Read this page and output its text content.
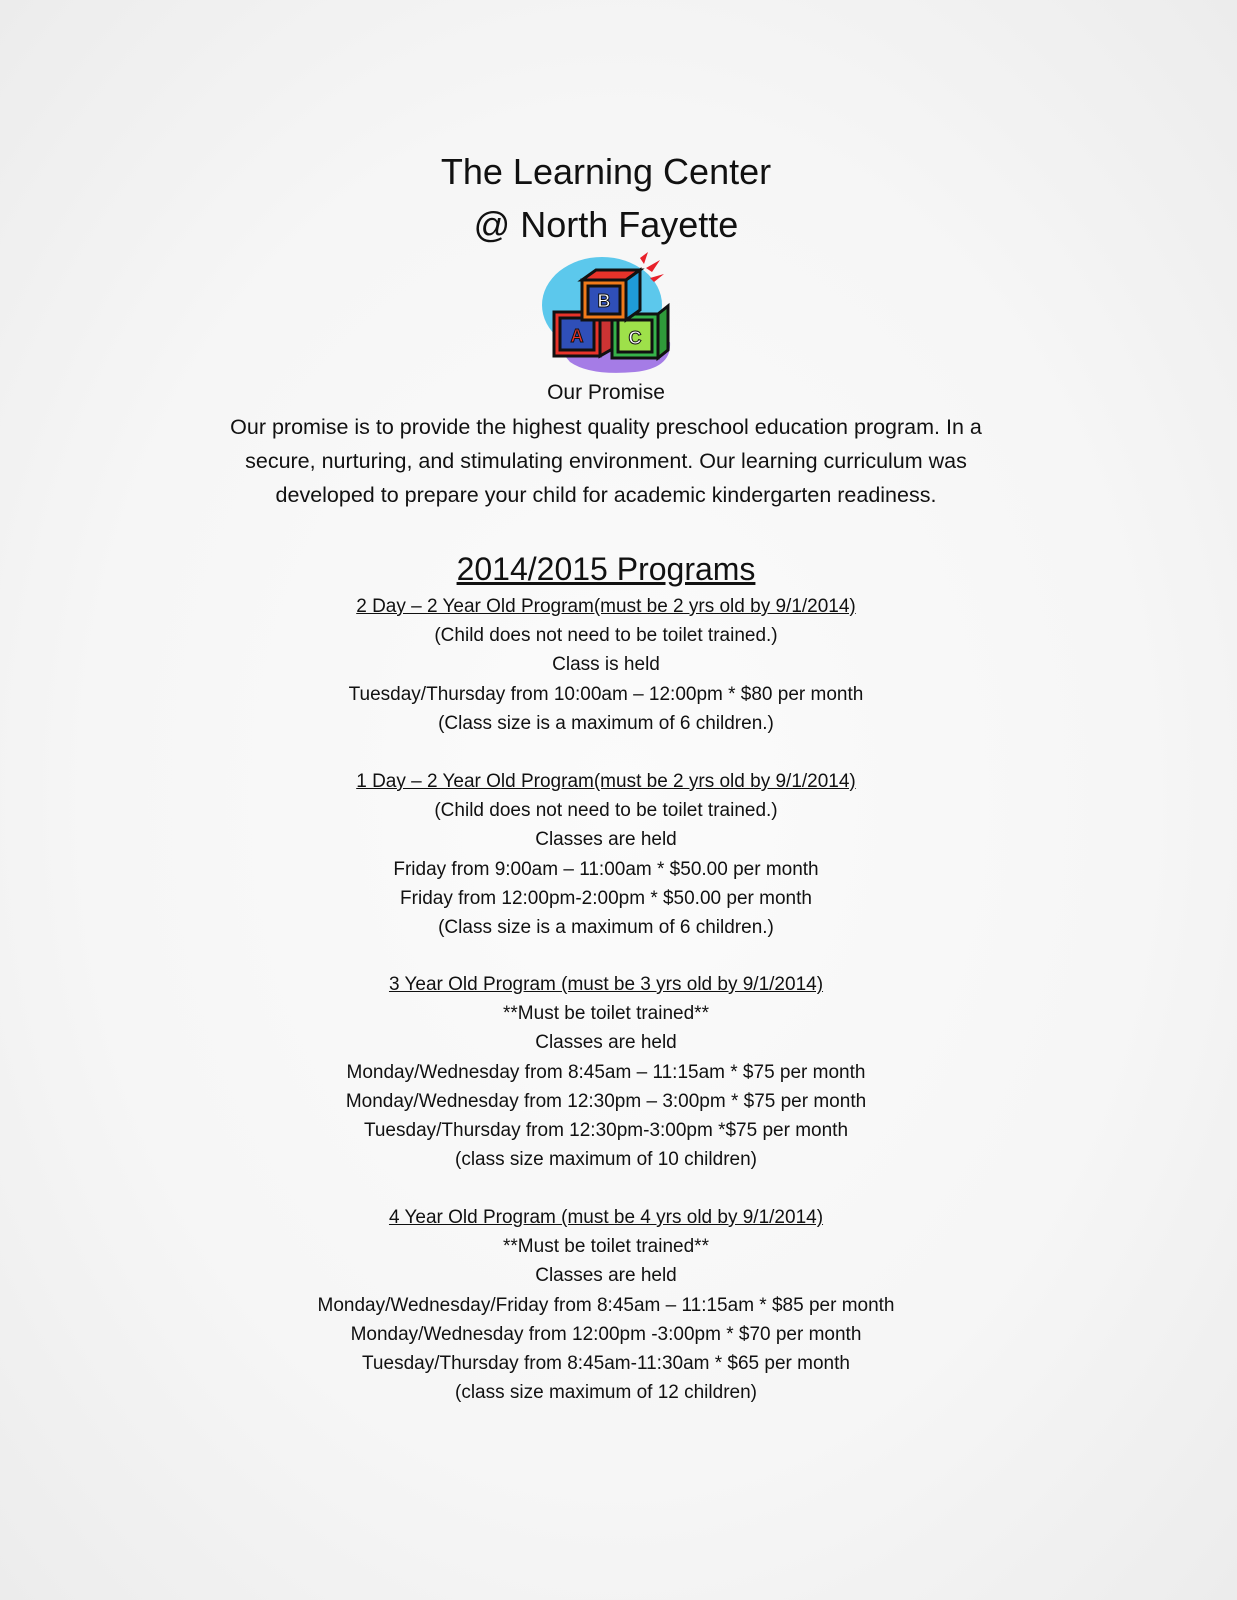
The Learning Center
@ North Fayette
A
B
C
Our Promise
Our promise is to provide the highest quality preschool education program. In a
secure, nurturing, and stimulating environment. Our learning curriculum was
developed to prepare your child for academic kindergarten readiness.
2014/2015 Programs
2 Day – 2 Year Old Program(must be 2 yrs old by 9/1/2014)
(Child does not need to be toilet trained.)
Class is held
Tuesday/Thursday from 10:00am – 12:00pm * $80 per month
(Class size is a maximum of 6 children.)
1 Day – 2 Year Old Program(must be 2 yrs old by 9/1/2014)
(Child does not need to be toilet trained.)
Classes are held
Friday from 9:00am – 11:00am * $50.00 per month
Friday from 12:00pm-2:00pm * $50.00 per month
(Class size is a maximum of 6 children.)
3 Year Old Program (must be 3 yrs old by 9/1/2014)
**Must be toilet trained**
Classes are held
Monday/Wednesday from 8:45am – 11:15am * $75 per month
Monday/Wednesday from 12:30pm – 3:00pm * $75 per month
Tuesday/Thursday from 12:30pm-3:00pm *$75 per month
(class size maximum of 10 children)
4 Year Old Program (must be 4 yrs old by 9/1/2014)
**Must be toilet trained**
Classes are held
Monday/Wednesday/Friday from 8:45am – 11:15am * $85 per month
Monday/Wednesday from 12:00pm -3:00pm * $70 per month
Tuesday/Thursday from 8:45am-11:30am * $65 per month
(class size maximum of 12 children)
